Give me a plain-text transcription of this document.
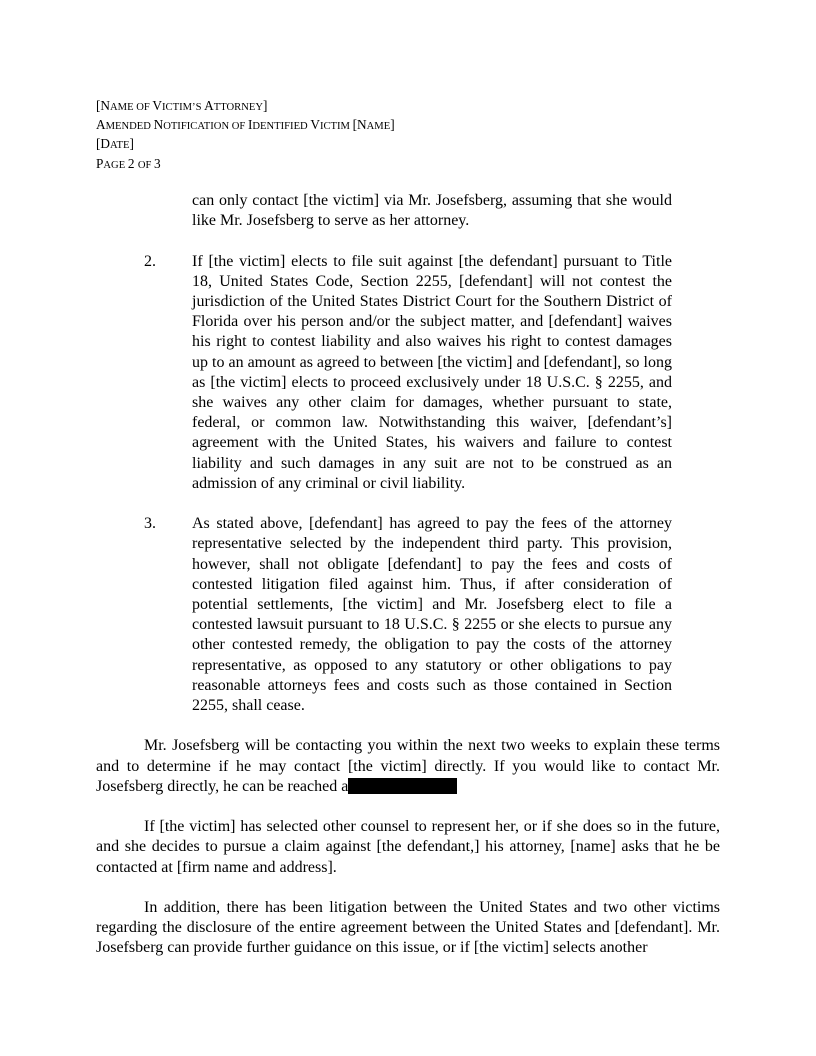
[NAME OF VICTIM’S ATTORNEY]
AMENDED NOTIFICATION OF IDENTIFIED VICTIM [NAME]
[DATE]
PAGE 2 OF 3
can only contact [the victim] via Mr. Josefsberg, assuming that she would like Mr. Josefsberg to serve as her attorney.
2. If [the victim] elects to file suit against [the defendant] pursuant to Title 18, United States Code, Section 2255, [defendant] will not contest the jurisdiction of the United States District Court for the Southern District of Florida over his person and/or the subject matter, and [defendant] waives his right to contest liability and also waives his right to contest damages up to an amount as agreed to between [the victim] and [defendant], so long as [the victim] elects to proceed exclusively under 18 U.S.C. § 2255, and she waives any other claim for damages, whether pursuant to state, federal, or common law. Notwithstanding this waiver, [defendant’s] agreement with the United States, his waivers and failure to contest liability and such damages in any suit are not to be construed as an admission of any criminal or civil liability.
3. As stated above, [defendant] has agreed to pay the fees of the attorney representative selected by the independent third party. This provision, however, shall not obligate [defendant] to pay the fees and costs of contested litigation filed against him. Thus, if after consideration of potential settlements, [the victim] and Mr. Josefsberg elect to file a contested lawsuit pursuant to 18 U.S.C. § 2255 or she elects to pursue any other contested remedy, the obligation to pay the costs of the attorney representative, as opposed to any statutory or other obligations to pay reasonable attorneys fees and costs such as those contained in Section 2255, shall cease.
Mr. Josefsberg will be contacting you within the next two weeks to explain these terms and to determine if he may contact [the victim] directly. If you would like to contact Mr. Josefsberg directly, he can be reached a
If [the victim] has selected other counsel to represent her, or if she does so in the future, and she decides to pursue a claim against [the defendant,] his attorney, [name] asks that he be contacted at [firm name and address].
In addition, there has been litigation between the United States and two other victims regarding the disclosure of the entire agreement between the United States and [defendant]. Mr. Josefsberg can provide further guidance on this issue, or if [the victim] selects another
